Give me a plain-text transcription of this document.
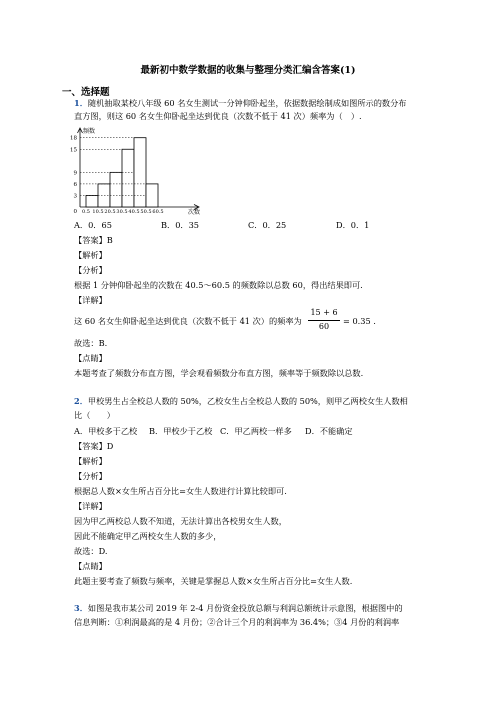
最新初中数学数据的收集与整理分类汇编含答案(1)
一、选择题
1．随机抽取某校八年级 60 名女生测试一分钟仰卧起坐，依据数据绘制成如图所示的数分布
直方图，则这 60 名女生仰卧起坐达到优良（次数不低于 41 次）频率为（　）.
3
6
9
15
18
0 0.5 10.5 20.5 30.5 40.5 50.5 60.5
频数
次数
A．0．65	B．0．35	C．0．25	D．0．1
【答案】B
【解析】
【分析】
根据 1 分钟仰卧起坐的次数在 40.5～60.5 的频数除以总数 60，得出结果即可.
【详解】
这 60 名女生仰卧起坐达到优良（次数不低于 41 次）的频率为
15 + 6
60
= 0.35 .
故选：B.
【点睛】
本题考查了频数分布直方图，学会观看频数分布直方图，频率等于频数除以总数.
2．甲校男生占全校总人数的 50%，乙校女生占全校总人数的 50%，则甲乙两校女生人数相
比（　　）
A．甲校多于乙校 B．甲校少于乙校 C．甲乙两校一样多 D．不能确定
【答案】D
【解析】
【分析】
根据总人数×女生所占百分比=女生人数进行计算比较即可.
【详解】
因为甲乙两校总人数不知道，无法计算出各校男女生人数，
因此不能确定甲乙两校女生人数的多少，
故选：D.
【点睛】
此题主要考查了频数与频率，关键是掌握总人数×女生所占百分比=女生人数.
3．如图是我市某公司 2019 年 2-4 月份资金投放总额与利润总额统计示意图，根据图中的
信息判断：①利润最高的是 4 月份；②合计三个月的利润率为 36.4%；③4 月份的利润率
